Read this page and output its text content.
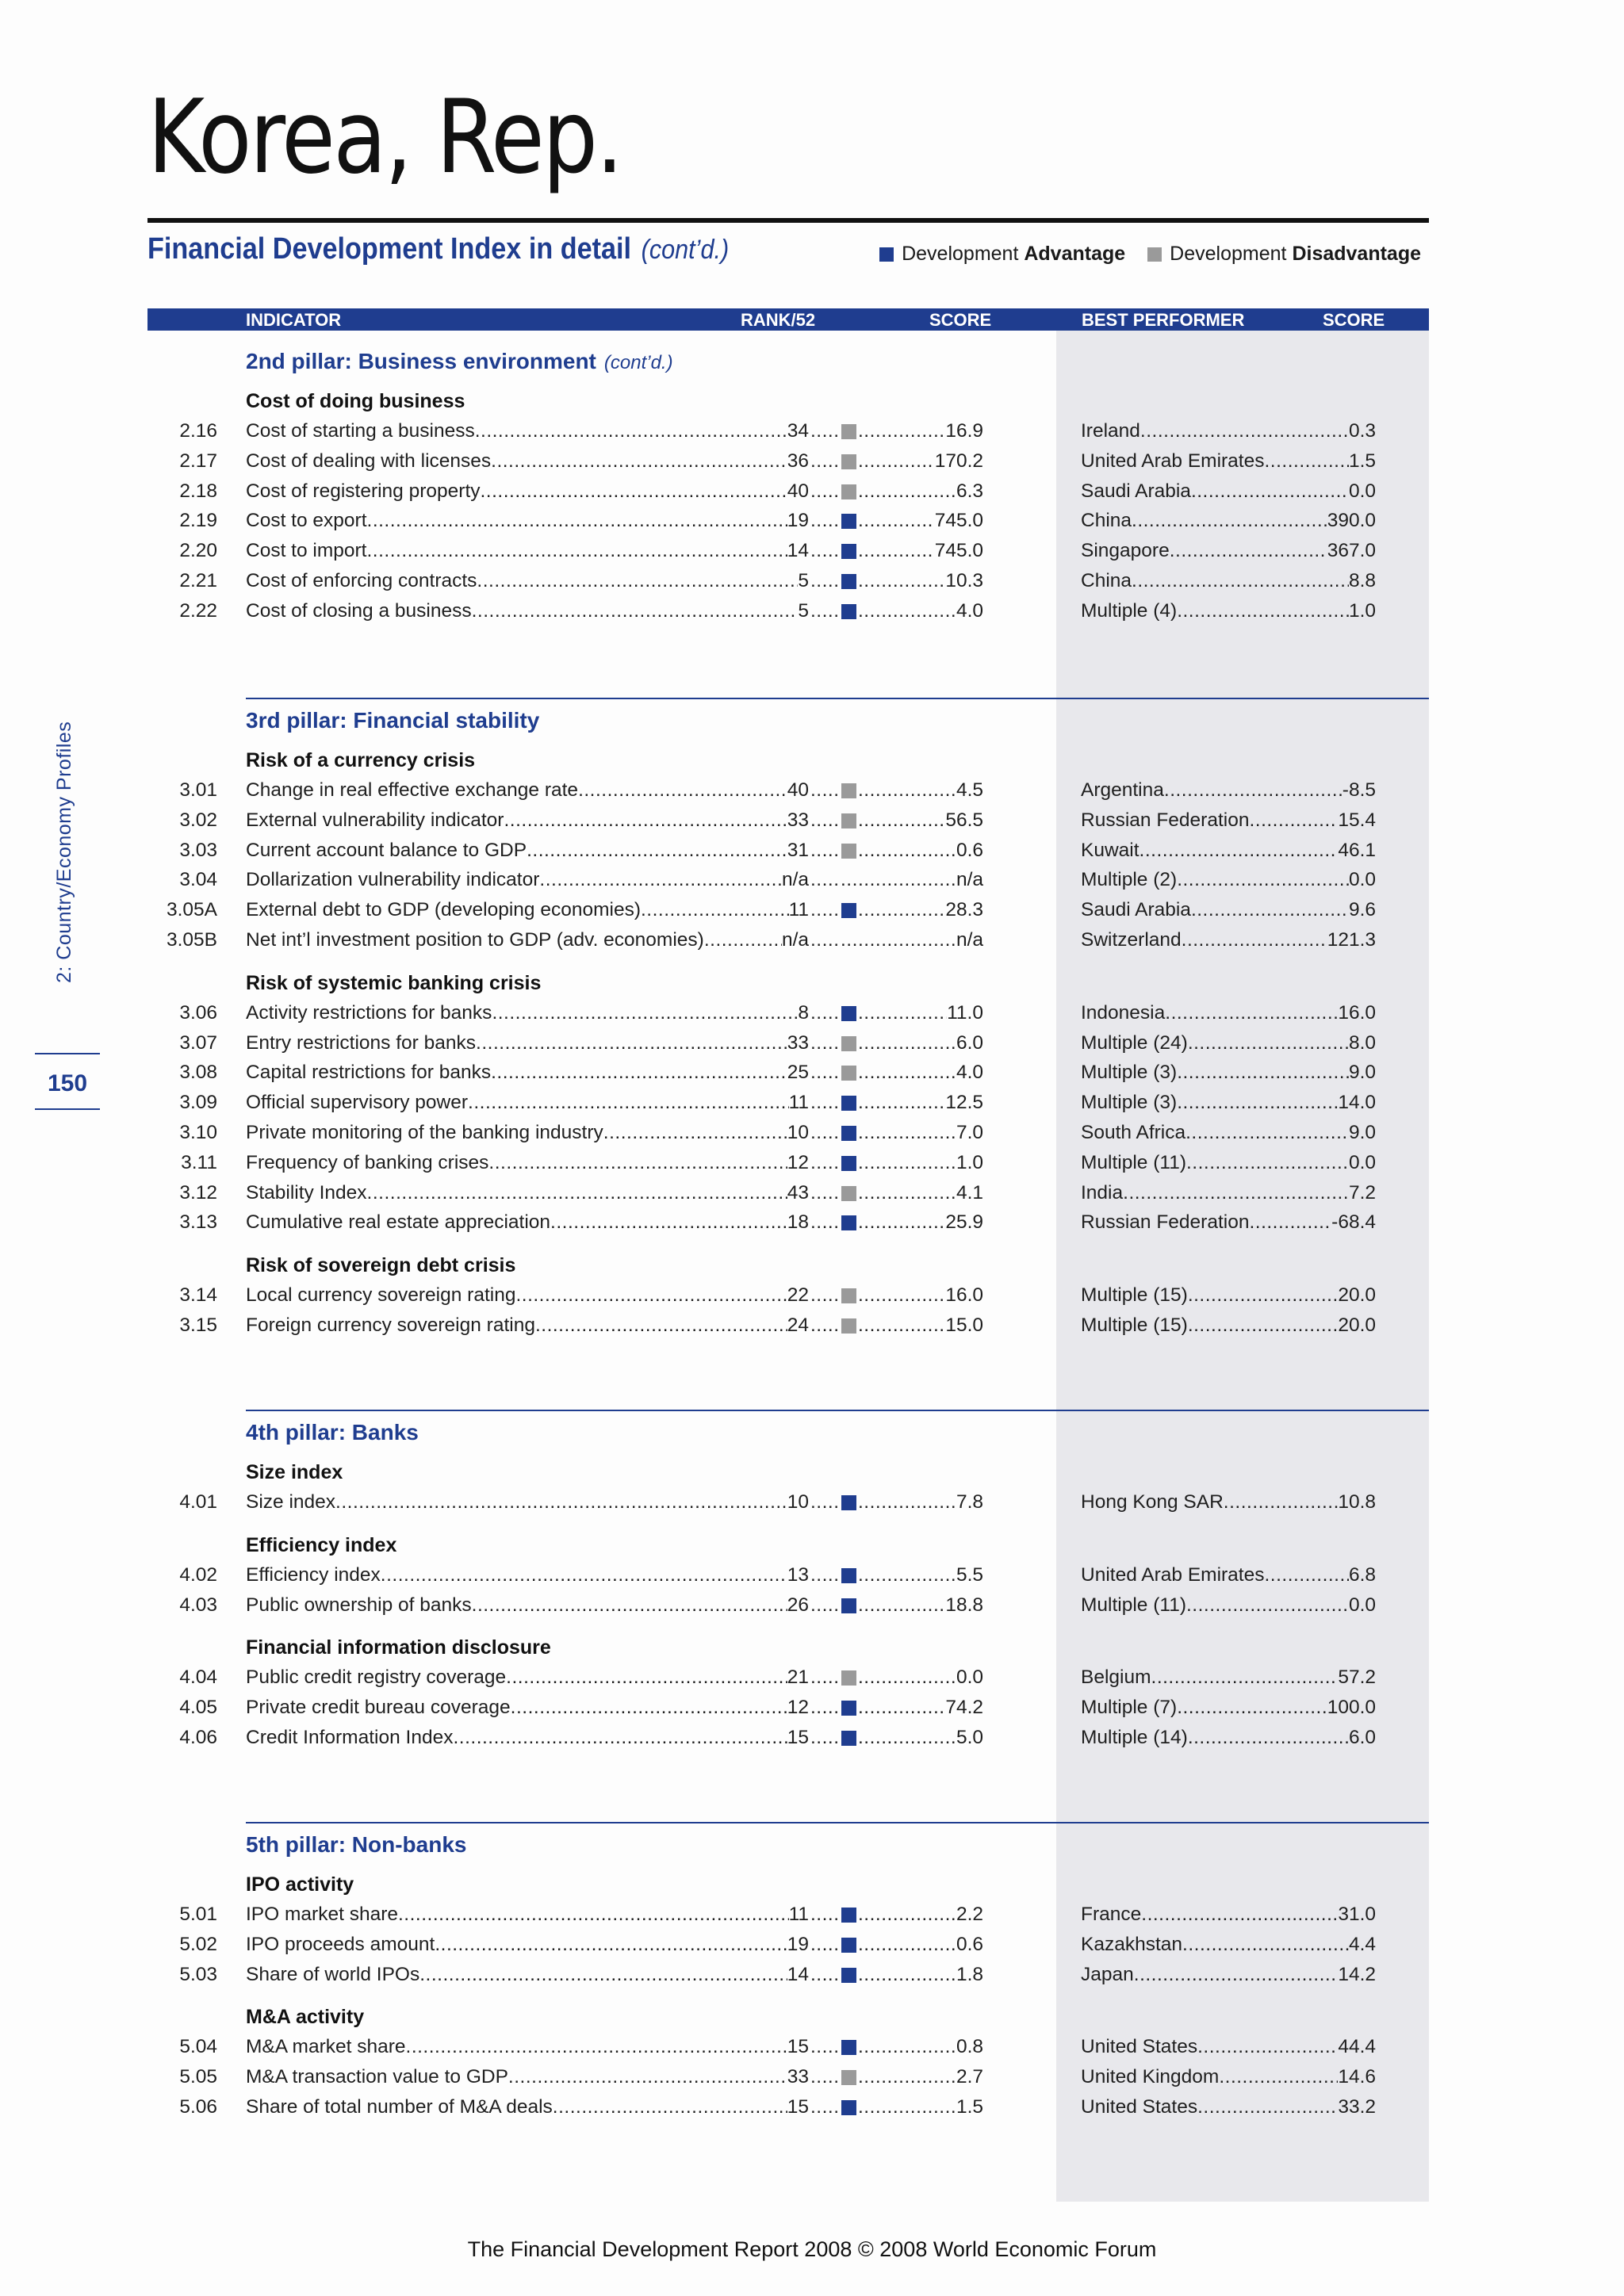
2: Country/Economy Profiles
150
Korea, Rep.
Financial Development Index in detail (cont’d.)	Development
Advantage Development
Disadvantage
INDICATOR	RANK/52	SCORE	BEST PERFORMER	SCORE
2nd pillar: Business environment (cont’d.)
Cost of doing business
2.16 Cost of starting a business .....	34 ........ .....	16.9	Ireland .....	0.3
2.17 Cost of dealing with licenses .....	36 ........ .....	170.2	United Arab Emirates .....	1.5
2.18 Cost of registering property .....	40 ........ .....	6.3	Saudi Arabia .....	0.0
2.19 Cost to export .....	19 ........ .....	745.0	China .....	390.0
2.20 Cost to import .....	14 ........ .....	745.0	Singapore .....	367.0
2.21 Cost of enforcing contracts .....	5 ........ .....	10.3	China .....	8.8
2.22 Cost of closing a business .....	5 ........ .....	4.0	Multiple (4) .....	1.0
3rd pillar: Financial stability
Risk of a currency crisis
3.01 Change in real effective exchange rate .....	40 ........ .....	4.5	Argentina .....	-8.5
3.02 External vulnerability indicator .....	33 ........ .....	56.5	Russian Federation .....	15.4
3.03 Current account balance to GDP .....	31 ........ .....	0.6	Kuwait .....	46.1
3.04 Dollarization vulnerability indicator .....	n/a ........ ........ .....	n/a	Multiple (2) .....	0.0
3.05A External debt to GDP (developing economies) .....	11 ........ .....	28.3	Saudi Arabia .....	9.6
3.05B Net int’l investment position to GDP (adv. economies) .....	n/a ........ ........ .....	n/a	Switzerland .....	121.3
Risk of systemic banking crisis
3.06 Activity restrictions for banks .....	8 ........ .....	11.0	Indonesia .....	16.0
3.07 Entry restrictions for banks .....	33 ........ .....	6.0	Multiple (24) .....	8.0
3.08 Capital restrictions for banks .....	25 ........ .....	4.0	Multiple (3) .....	9.0
3.09 Official supervisory power .....	11 ........ .....	12.5	Multiple (3) .....	14.0
3.10 Private monitoring of the banking industry .....	10 ........ .....	7.0	South Africa .....	9.0
3.11 Frequency of banking crises .....	12 ........ .....	1.0	Multiple (11) .....	0.0
3.12 Stability Index .....	43 ........ .....	4.1	India .....	7.2
3.13 Cumulative real estate appreciation .....	18 ........ .....	25.9	Russian Federation .....	-68.4
Risk of sovereign debt crisis
3.14 Local currency sovereign rating .....	22 ........ .....	16.0	Multiple (15) .....	20.0
3.15 Foreign currency sovereign rating .....	24 ........ .....	15.0	Multiple (15) .....	20.0
4th pillar: Banks
Size index
4.01 Size index .....	10 ........ .....	7.8	Hong Kong SAR .....	10.8
Efficiency index
4.02 Efficiency index .....	13 ........ .....	5.5	United Arab Emirates .....	6.8
4.03 Public ownership of banks .....	26 ........ .....	18.8	Multiple (11) .....	0.0
Financial information disclosure
4.04 Public credit registry coverage .....	21 ........ .....	0.0	Belgium .....	57.2
4.05 Private credit bureau coverage .....	12 ........ .....	74.2	Multiple (7) .....	100.0
4.06 Credit Information Index .....	15 ........ .....	5.0	Multiple (14) .....	6.0
5th pillar: Non-banks
IPO activity
5.01 IPO market share .....	11 ........ .....	2.2	France .....	31.0
5.02 IPO proceeds amount .....	19 ........ .....	0.6	Kazakhstan .....	4.4
5.03 Share of world IPOs .....	14 ........ .....	1.8	Japan .....	14.2
M&A activity
5.04 M&A market share .....	15 ........ .....	0.8	United States .....	44.4
5.05 M&A transaction value to GDP .....	33 ........ .....	2.7	United Kingdom .....	14.6
5.06 Share of total number of M&A deals .....	15 ........ .....	1.5	United States .....	33.2
The Financial Development Report 2008 © 2008 World Economic Forum
